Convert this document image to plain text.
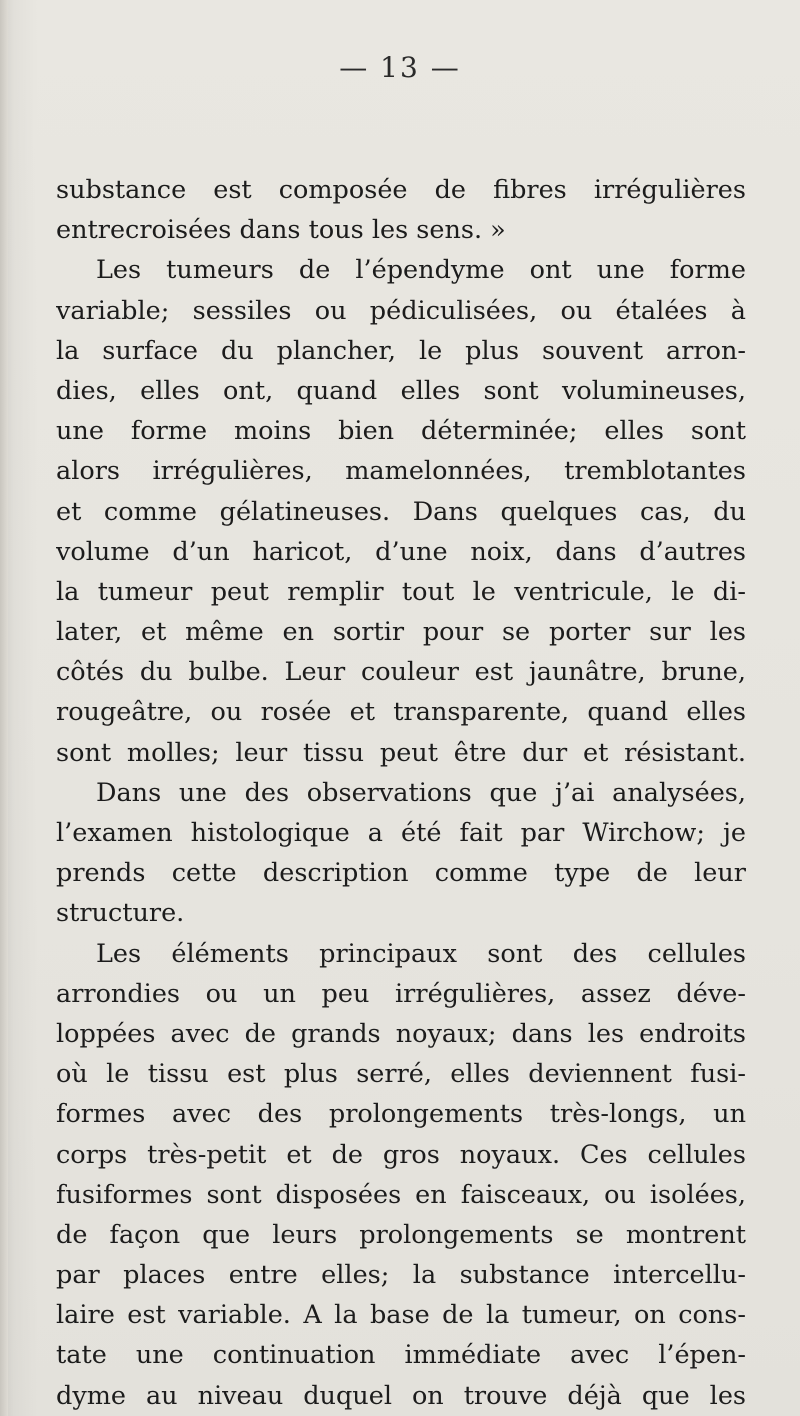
— 13 —
substance est composée de fibres irrégulières
entrecroisées dans tous les sens. »
Les tumeurs de l’épendyme ont une forme
variable; sessiles ou pédiculisées, ou étalées à
la surface du plancher, le plus souvent arron-
dies, elles ont, quand elles sont volumineuses,
une forme moins bien déterminée; elles sont
alors irrégulières, mamelonnées, tremblotantes
et comme gélatineuses. Dans quelques cas, du
volume d’un haricot, d’une noix, dans d’autres
la tumeur peut remplir tout le ventricule, le di-
later, et même en sortir pour se porter sur les
côtés du bulbe. Leur couleur est jaunâtre, brune,
rougeâtre, ou rosée et transparente, quand elles
sont molles; leur tissu peut être dur et résistant.
Dans une des observations que j’ai analysées,
l’examen histologique a été fait par Wirchow; je
prends cette description comme type de leur
structure.
Les éléments principaux sont des cellules
arrondies ou un peu irrégulières, assez déve-
loppées avec de grands noyaux; dans les endroits
où le tissu est plus serré, elles deviennent fusi-
formes avec des prolongements très-longs, un
corps très-petit et de gros noyaux. Ces cellules
fusiformes sont disposées en faisceaux, ou isolées,
de façon que leurs prolongements se montrent
par places entre elles; la substance intercellu-
laire est variable. A la base de la tumeur, on cons-
tate une continuation immédiate avec l’épen-
dyme au niveau duquel on trouve déjà que les
